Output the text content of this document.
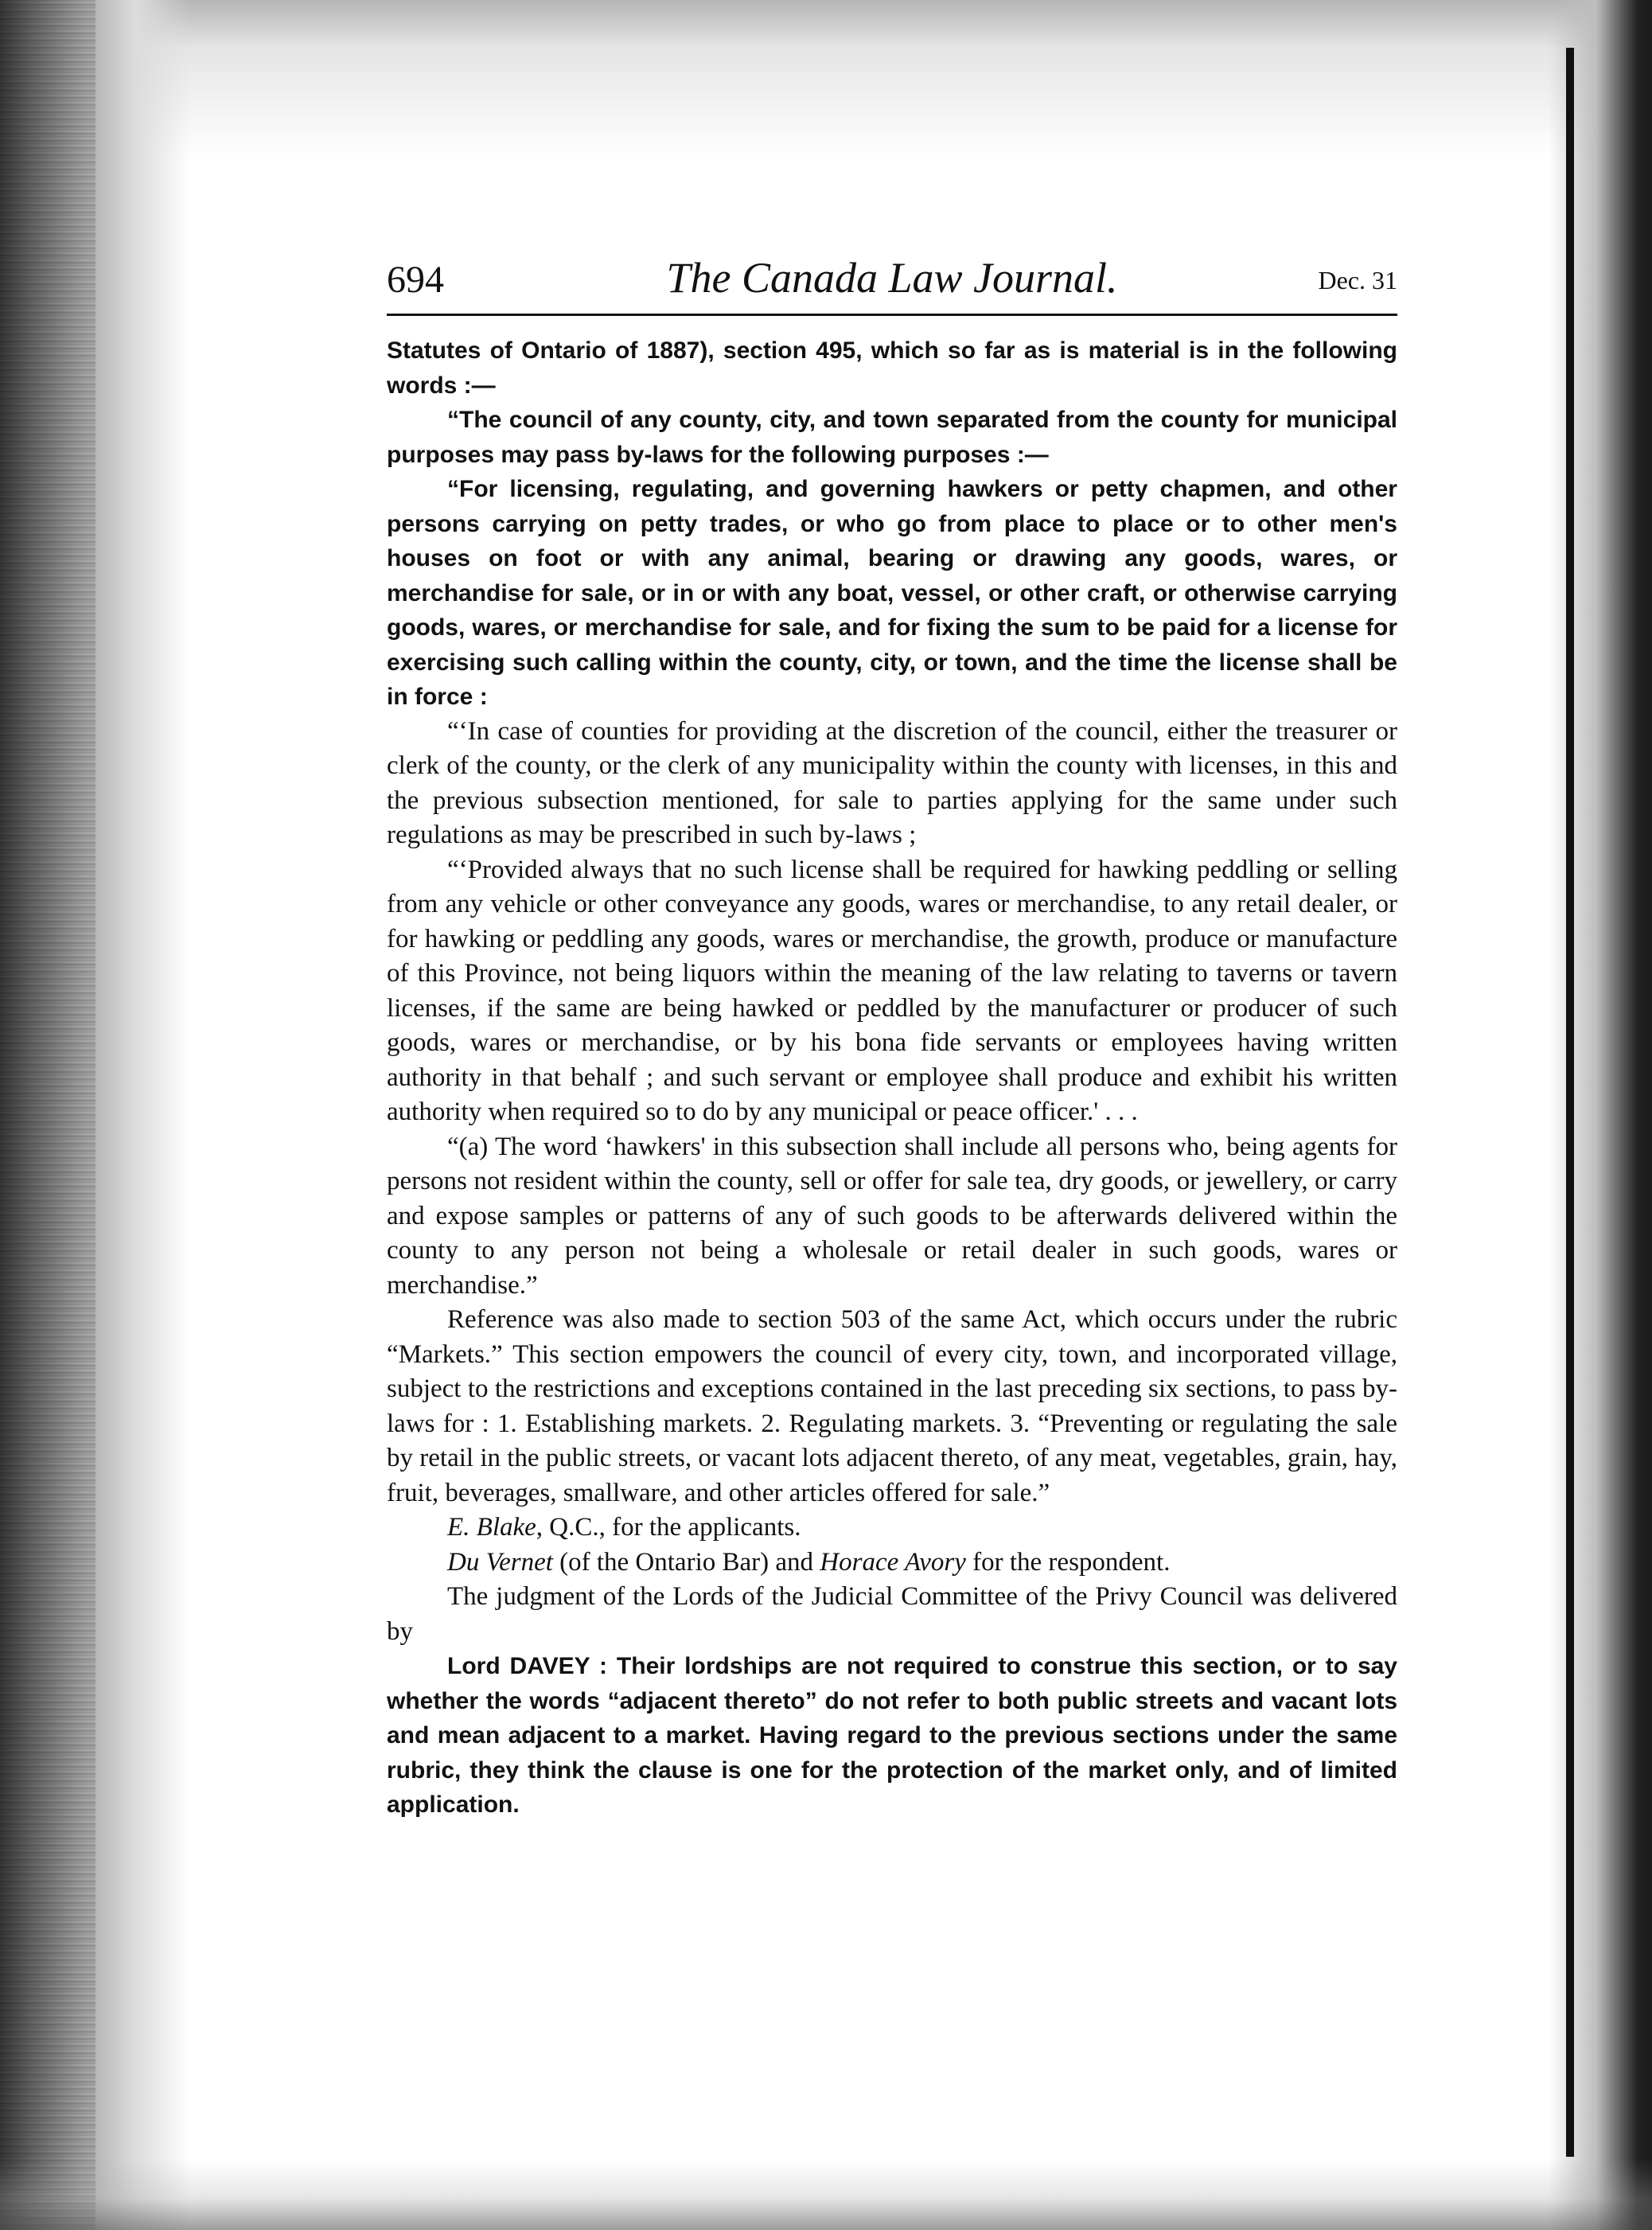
694	The Canada Law Journal.	Dec. 31

Statutes of Ontario of 1887), section 495, which so far as is material is in the following words :—

“The council of any county, city, and town separated from the county for municipal purposes may pass by-laws for the following purposes :—

“For licensing, regulating, and governing hawkers or petty chapmen, and other persons carrying on petty trades, or who go from place to place or to other men's houses on foot or with any animal, bearing or drawing any goods, wares, or merchandise for sale, or in or with any boat, vessel, or other craft, or otherwise carrying goods, wares, or merchandise for sale, and for fixing the sum to be paid for a license for exercising such calling within the county, city, or town, and the time the license shall be in force :

“‘In case of counties for providing at the discretion of the council, either the treasurer or clerk of the county, or the clerk of any municipality within the county with licenses, in this and the previous subsection mentioned, for sale to parties applying for the same under such regulations as may be prescribed in such by-laws ;

“‘Provided always that no such license shall be required for hawking peddling or selling from any vehicle or other conveyance any goods, wares or merchandise, to any retail dealer, or for hawking or peddling any goods, wares or merchandise, the growth, produce or manufacture of this Province, not being liquors within the meaning of the law relating to taverns or tavern licenses, if the same are being hawked or peddled by the manufacturer or producer of such goods, wares or merchandise, or by his bona fide servants or employees having written authority in that behalf ; and such servant or employee shall produce and exhibit his written authority when required so to do by any municipal or peace officer.' . . .

“(a) The word ‘hawkers' in this subsection shall include all persons who, being agents for persons not resident within the county, sell or offer for sale tea, dry goods, or jewellery, or carry and expose samples or patterns of any of such goods to be afterwards delivered within the county to any person not being a wholesale or retail dealer in such goods, wares or merchandise.”

Reference was also made to section 503 of the same Act, which occurs under the rubric “Markets.” This section empowers the council of every city, town, and incorporated village, subject to the restrictions and exceptions contained in the last preceding six sections, to pass by-laws for : 1. Establishing markets. 2. Regulating markets. 3. “Preventing or regulating the sale by retail in the public streets, or vacant lots adjacent thereto, of any meat, vegetables, grain, hay, fruit, beverages, smallware, and other articles offered for sale.”

E. Blake, Q.C., for the applicants.

Du Vernet (of the Ontario Bar) and Horace Avory for the respondent.

The judgment of the Lords of the Judicial Committee of the Privy Council was delivered by

Lord DAVEY : Their lordships are not required to construe this section, or to say whether the words “adjacent thereto” do not refer to both public streets and vacant lots and mean adjacent to a market. Having regard to the previous sections under the same rubric, they think the clause is one for the protection of the market only, and of limited application.
